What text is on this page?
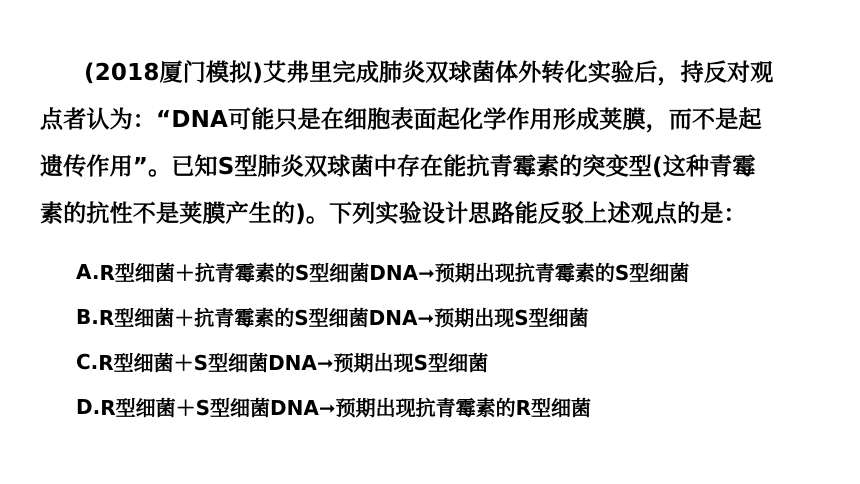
(2018厦门模拟)艾弗里完成肺炎双球菌体外转化实验后，持反对观
点者认为：“DNA可能只是在细胞表面起化学作用形成荚膜，而不是起
遗传作用”。已知S型肺炎双球菌中存在能抗青霉素的突变型(这种青霉
素的抗性不是荚膜产生的)。下列实验设计思路能反驳上述观点的是：
A. R型细菌＋抗青霉素的S型细菌DNA➞预期出现抗青霉素的S型细菌
B. R型细菌＋抗青霉素的S型细菌DNA➞预期出现S型细菌
C. R型细菌＋S型细菌DNA➞预期出现S型细菌
D. R型细菌＋S型细菌DNA➞预期出现抗青霉素的R型细菌
